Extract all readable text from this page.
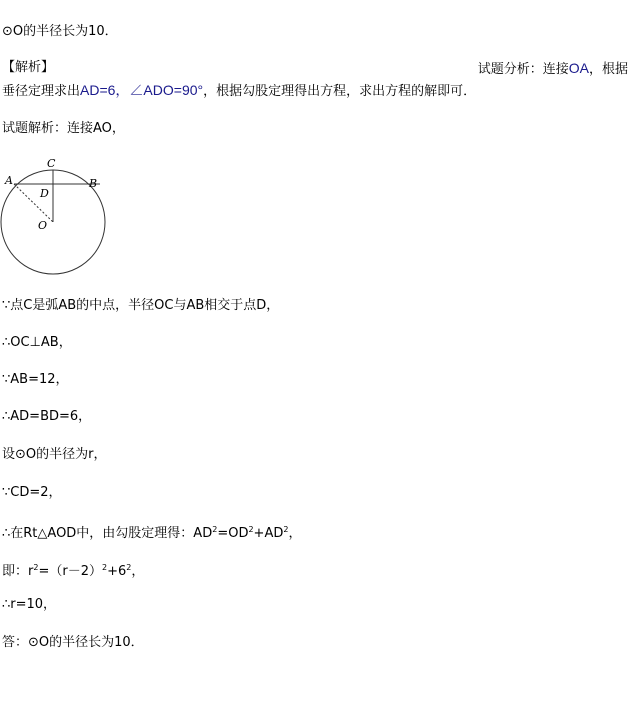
⊙O的半径长为10．
【解析】	试题分析：连接OA，根据
垂径定理求出AD=6，∠ADO=90°，根据勾股定理得出方程，求出方程的解即可．
试题解析：连接AO，
C
A	B
D
O
∵点C是弧AB的中点，半径OC与AB相交于点D，
∴OC⊥AB，
∵AB=12，
∴AD=BD=6，
设⊙O的半径为r，
∵CD=2，
∴在Rt△AOD中，由勾股定理得：$AD^2=OD^2+AD^2$，
即：$r^2=(r-2)^2+6^2$，
∴r=10，
答：⊙O的半径长为10．
